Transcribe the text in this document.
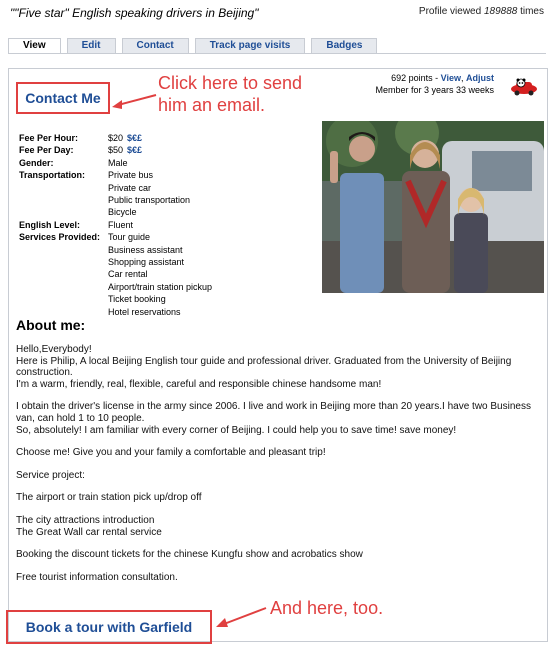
""Five star" English speaking drivers in Beijing"	Profile viewed 189888 times
View	Edit	Contact	Track page visits	Badges
Contact Me
Click here to send him an email.
692 points - View, Adjust
Member for 3 years 33 weeks
Fee Per Hour:	$20 $€£
Fee Per Day:	$50 $€£
Gender:	Male
Transportation:	Private bus
Private car
Public transportation
Bicycle
English Level:	Fluent
Services Provided: Tour guide
Business assistant
Shopping assistant
Car rental
Airport/train station pickup
Ticket booking
Hotel reservations
About me:

Hello,Everybody!
Here is Philip, A local Beijing English tour guide and professional driver. Graduated from the University of Beijing construction.
I'm a warm, friendly, real, flexible, careful and responsible chinese handsome man!

I obtain the driver's license in the army since 2006. I live and work in Beijing more than 20 years.I have two Business van, can hold 1 to 10 people.
So, absolutely! I am familiar with every corner of Beijing. I could help you to save time! save money!

Choose me! Give you and your family a comfortable and pleasant trip!

Service project:

The airport or train station pick up/drop off

The city attractions introduction
The Great Wall car rental service

Booking the discount tickets for the chinese Kungfu show and acrobatics show

Free tourist information consultation.

And here, too.
Book a tour with Garfield
